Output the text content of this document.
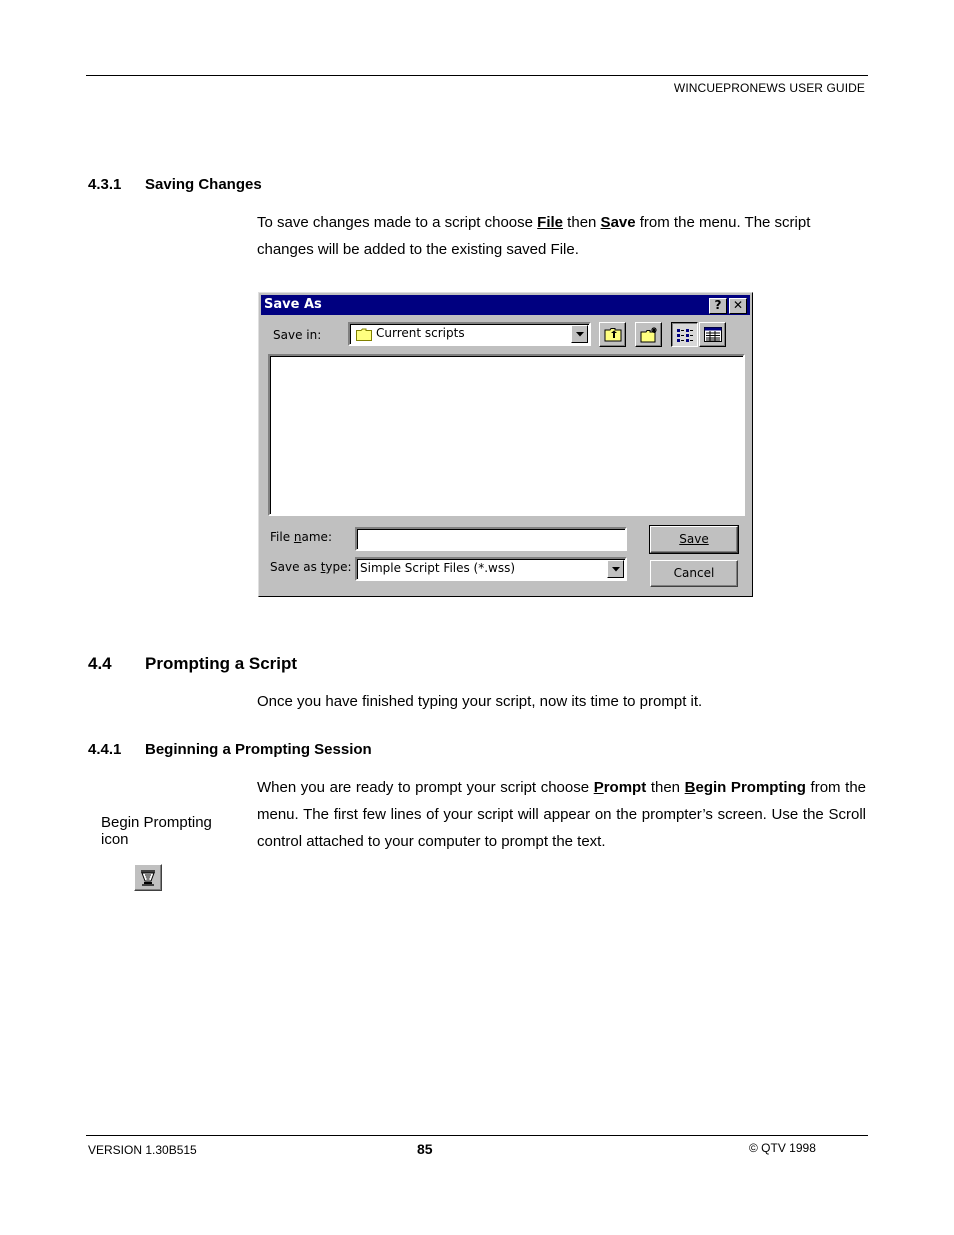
WINCUEPRONEWS USER GUIDE
4.3.1 Saving Changes

To save changes made to a script choose File then Save from the menu. The script changes will be added to the existing saved File.

Save As	? ✕
Save in:	Current scripts
File name:
Save as type: Simple Script Files (*.wss)
Save
Cancel
4.4 Prompting a Script

Once you have finished typing your script, now its time to prompt it.

4.4.1 Beginning a Prompting Session

When you are ready to prompt your script choose Prompt then Begin Prompting from the menu. The first few lines of your script will appear on the prompter’s screen. Use the Scroll control attached to your computer to prompt the text.

Begin Prompting icon
VERSION 1.30B515	85	© QTV 1998
